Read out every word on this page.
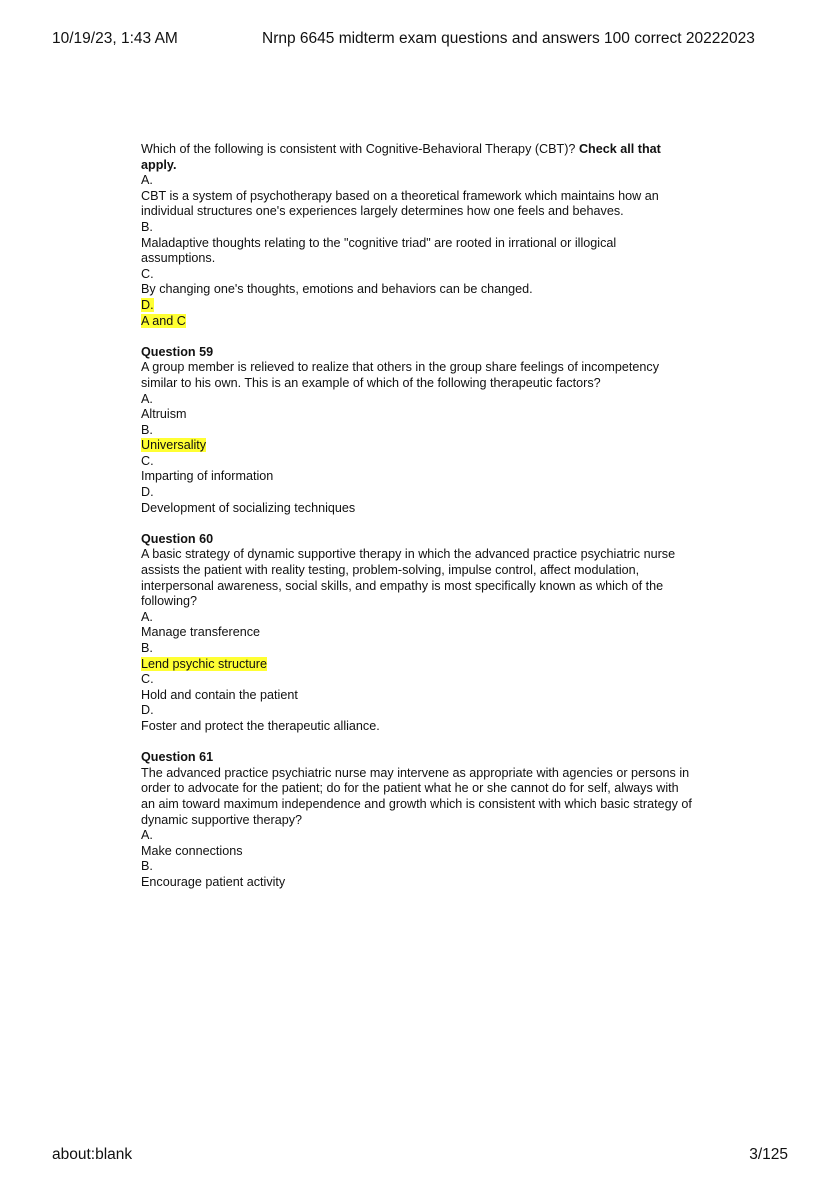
10/19/23, 1:43 AM	Nrnp 6645 midterm exam questions and answers 100 correct 20222023
Which of the following is consistent with Cognitive-Behavioral Therapy (CBT)? Check all that apply.
A.
CBT is a system of psychotherapy based on a theoretical framework which maintains how an individual structures one's experiences largely determines how one feels and behaves.
B.
Maladaptive thoughts relating to the "cognitive triad" are rooted in irrational or illogical assumptions.
C.
By changing one's thoughts, emotions and behaviors can be changed.
D.
A and C
Question 59
A group member is relieved to realize that others in the group share feelings of incompetency similar to his own. This is an example of which of the following therapeutic factors?
A.
Altruism
B.
Universality
C.
Imparting of information
D.
Development of socializing techniques
Question 60
A basic strategy of dynamic supportive therapy in which the advanced practice psychiatric nurse assists the patient with reality testing, problem-solving, impulse control, affect modulation, interpersonal awareness, social skills, and empathy is most specifically known as which of the following?
A.
Manage transference
B.
Lend psychic structure
C.
Hold and contain the patient
D.
Foster and protect the therapeutic alliance.
Question 61
The advanced practice psychiatric nurse may intervene as appropriate with agencies or persons in order to advocate for the patient; do for the patient what he or she cannot do for self, always with an aim toward maximum independence and growth which is consistent with which basic strategy of dynamic supportive therapy?
A.
Make connections
B.
Encourage patient activity
about:blank	3/125
